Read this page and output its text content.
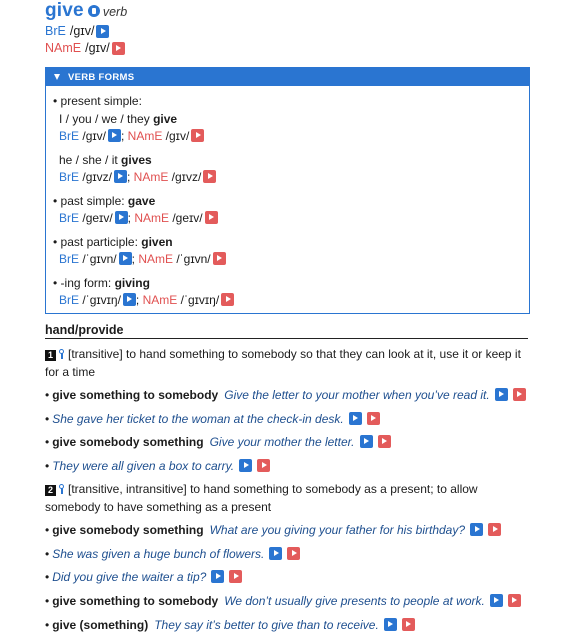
give verb
BrE /ɡɪv/
NAmE /ɡɪv/
VERB FORMS
• present simple:
I / you / we / they give
BrE /ɡɪv/ ; NAmE /ɡɪv/
he / she / it gives
BrE /ɡɪvz/ ; NAmE /ɡɪvz/
• past simple: gave
BrE /ɡeɪv/ ; NAmE /ɡeɪv/
• past participle: given
BrE /ˈɡɪvn/ ; NAmE /ˈɡɪvn/
• -ing form: giving
BrE /ˈɡɪvɪŋ/ ; NAmE /ˈɡɪvɪŋ/
hand/provide
1 [transitive] to hand something to somebody so that they can look at it, use it or keep it for a time
• give something to somebody Give the letter to your mother when you’ve read it.
• She gave her ticket to the woman at the check-in desk.
• give somebody something Give your mother the letter.
• They were all given a box to carry.
2 [transitive, intransitive] to hand something to somebody as a present; to allow somebody to have something as a present
• give somebody something What are you giving your father for his birthday?
• She was given a huge bunch of flowers.
• Did you give the waiter a tip?
• give something to somebody We don’t usually give presents to people at work.
• give (something) They say it’s better to give than to receive.
